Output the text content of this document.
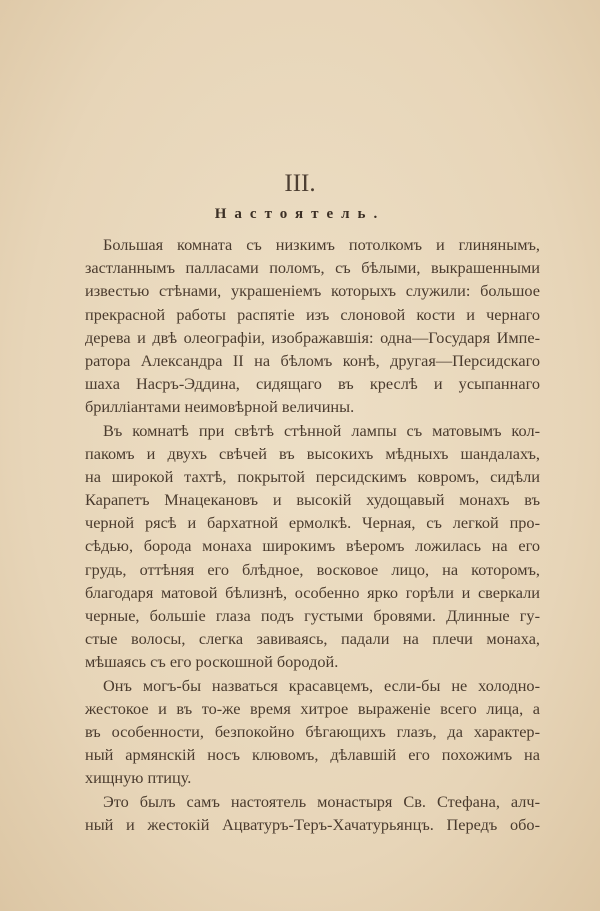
III.
Настоятель.
Большая комната съ низкимъ потолкомъ и глинянымъ,
застланнымъ палласами поломъ, съ бѣлыми, выкрашенными
известью стѣнами, украшеніемъ которыхъ служили: большое
прекрасной работы распятіе изъ слоновой кости и чернаго
дерева и двѣ олеографіи, изображавшія: одна—Государя Импе-
ратора Александра II на бѣломъ конѣ, другая—Персидскаго
шаха Насръ-Эддина, сидящаго въ креслѣ и усыпаннаго
бриллiантами неимовѣрной величины.
Въ комнатѣ при свѣтѣ стѣнной лампы съ матовымъ кол-
пакомъ и двухъ свѣчей въ высокихъ мѣдныхъ шандалахъ,
на широкой тахтѣ, покрытой персидскимъ ковромъ, сидѣли
Карапетъ Мнацекановъ и высокій худощавый монахъ въ
черной рясѣ и бархатной ермолкѣ. Черная, съ легкой про-
сѣдью, борода монаха широкимъ вѣеромъ ложилась на его
грудь, оттѣняя его блѣдное, восковое лицо, на которомъ,
благодаря матовой бѣлизнѣ, особенно ярко горѣли и сверкали
черные, большіе глаза подъ густыми бровями. Длинные гу-
стые волосы, слегка завиваясь, падали на плечи монаха,
мѣшаясь съ его роскошной бородой.
Онъ могъ-бы назваться красавцемъ, если-бы не холодно-
жестокое и въ то-же время хитрое выраженіе всего лица, а
въ особенности, безпокойно бѣгающихъ глазъ, да характер-
ный армянскій носъ клювомъ, дѣлавшій его похожимъ на
хищную птицу.
Это былъ самъ настоятель монастыря Св. Стефана, алч-
ный и жестокій Ацватуръ-Теръ-Хачатурьянцъ. Передъ обо-
